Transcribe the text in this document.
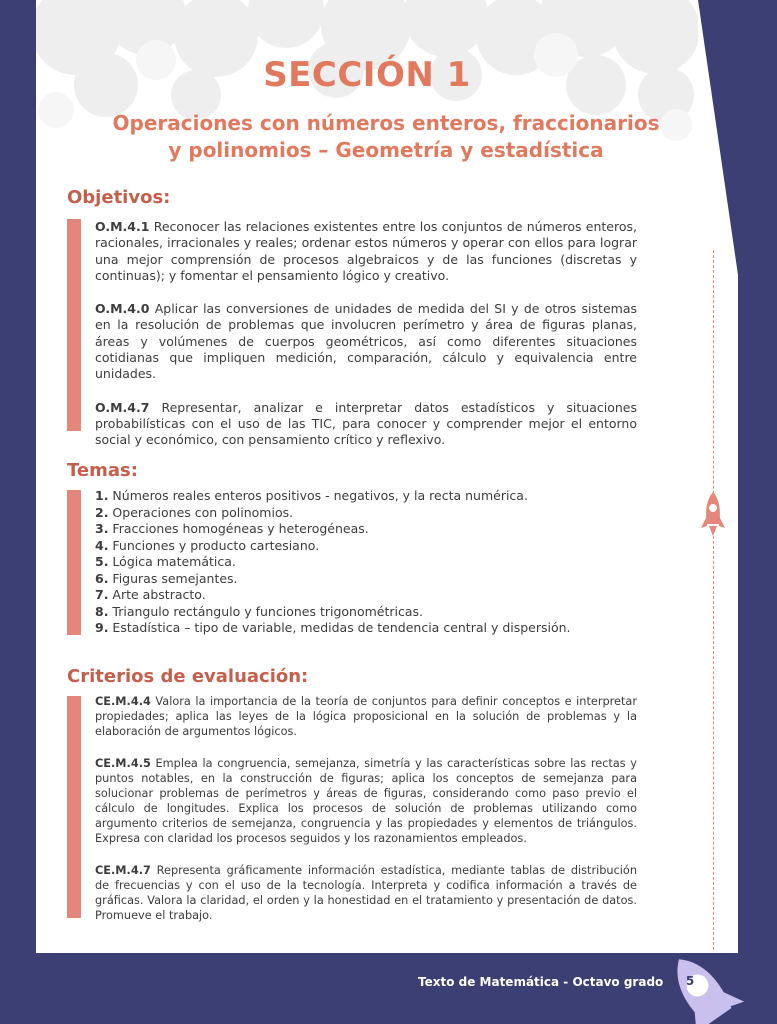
SECCIÓN 1
Operaciones con números enteros, fraccionarios
y polinomios – Geometría y estadística
Objetivos:

O.M.4.1 Reconocer las relaciones existentes entre los conjuntos de números enteros, racionales, irracionales y reales; ordenar estos números y operar con ellos para lograr una mejor comprensión de procesos algebraicos y de las funciones (discretas y continuas); y fomentar el pensamiento lógico y creativo.

O.M.4.0 Aplicar las conversiones de unidades de medida del SI y de otros sistemas en la resolución de problemas que involucren perímetro y área de figuras planas, áreas y volúmenes de cuerpos geométricos, así como diferentes situaciones cotidianas que impliquen medición, comparación, cálculo y equivalencia entre unidades.

O.M.4.7 Representar, analizar e interpretar datos estadísticos y situaciones probabilísticas con el uso de las TIC, para conocer y comprender mejor el entorno social y económico, con pensamiento crítico y reflexivo.

Temas:
1. Números reales enteros positivos - negativos, y la recta numérica.
2. Operaciones con polinomios.
3. Fracciones homogéneas y heterogéneas.
4. Funciones y producto cartesiano.
5. Lógica matemática.
6. Figuras semejantes.
7. Arte abstracto.
8. Triangulo rectángulo y funciones trigonométricas.
9. Estadística – tipo de variable, medidas de tendencia central y dispersión.
Criterios de evaluación:

CE.M.4.4 Valora la importancia de la teoría de conjuntos para definir conceptos e interpretar propiedades; aplica las leyes de la lógica proposicional en la solución de problemas y la elaboración de argumentos lógicos.

CE.M.4.5 Emplea la congruencia, semejanza, simetría y las características sobre las rectas y puntos notables, en la construcción de figuras; aplica los conceptos de semejanza para solucionar problemas de perímetros y áreas de figuras, considerando como paso previo el cálculo de longitudes. Explica los procesos de solución de problemas utilizando como argumento criterios de semejanza, congruencia y las propiedades y elementos de triángulos. Expresa con claridad los procesos seguidos y los razonamientos empleados.

CE.M.4.7 Representa gráficamente información estadística, mediante tablas de distribución de frecuencias y con el uso de la tecnología. Interpreta y codifica información a través de gráficas. Valora la claridad, el orden y la honestidad en el tratamiento y presentación de datos. Promueve el trabajo.

Texto de Matemática - Octavo grado	5
